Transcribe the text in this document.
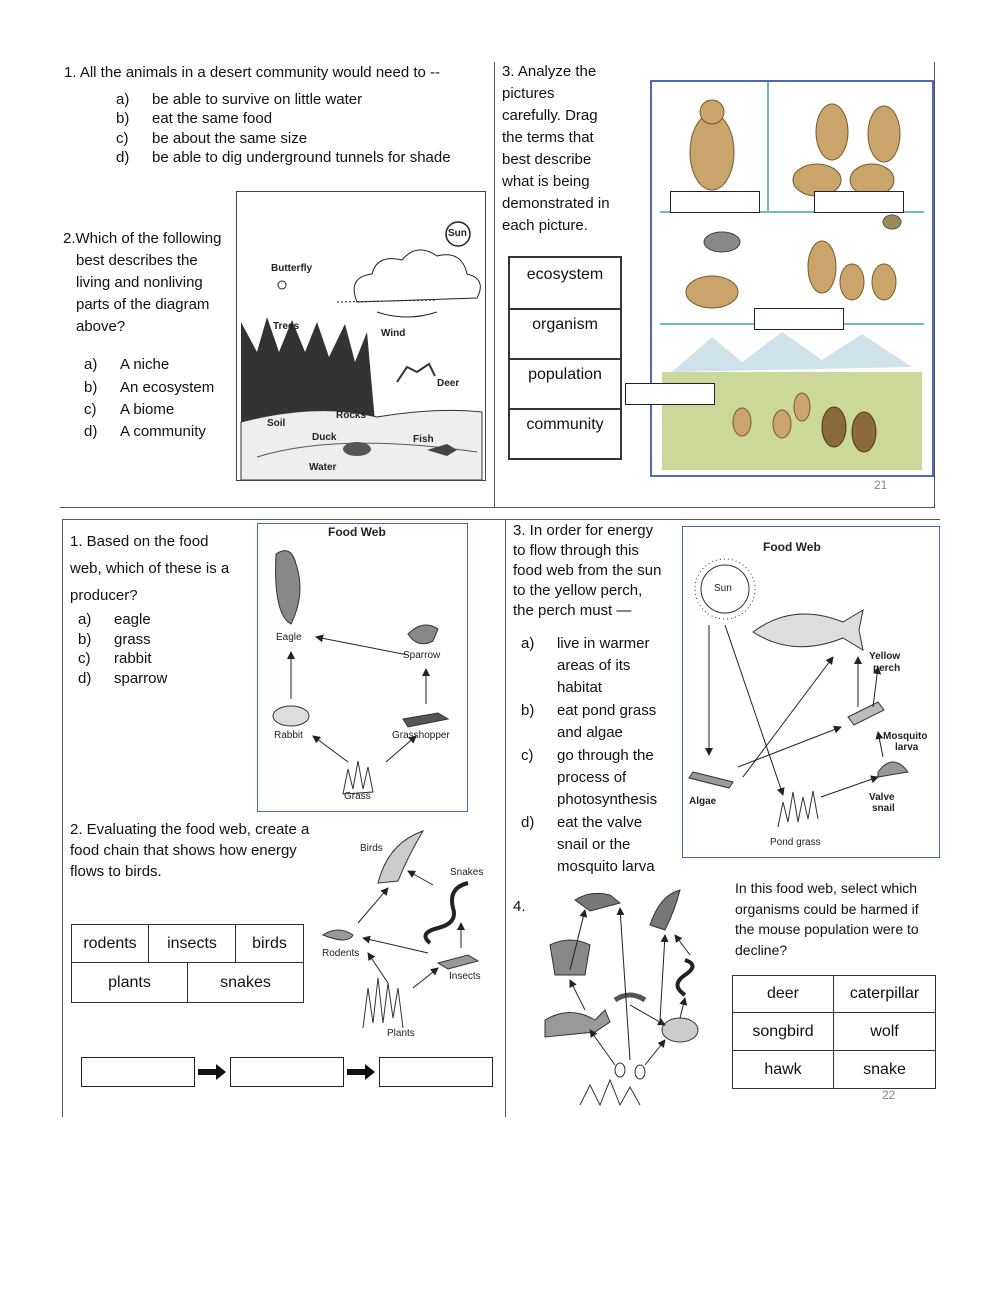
1. All the animals in a desert community would need to --
a) be able to survive on little water
b) eat the same food
c) be about the same size
d) be able to dig underground tunnels for shade
2.Which of the following
best describes the
living and nonliving
parts of the diagram
above?
a) A niche
b) An ecosystem
c) A biome
d) A community
Sun
Butterfly
Trees
Wind
Deer
Soil
Rocks
Duck	Fish
Water
3. Analyze the
pictures
carefully. Drag
the terms that
best describe
what is being
demonstrated in
each picture.
ecosystem
organism
population
community
21
1. Based on the food
web, which of these is a
producer?
a) eagle
b) grass
c) rabbit
d) sparrow
Food Web
Eagle
Sparrow
Rabbit	Grasshopper
Grass
2. Evaluating the food web, create a
food chain that shows how energy
flows to birds.
Birds
Snakes
Rodents
Insects
Plants
rodents	insects	birds
plants	snakes
3. In order for energy
to flow through this
food web from the sun
to the yellow perch,
the perch must —
a) live in warmer
areas of its
habitat
b) eat pond grass
and algae
c) go through the
process of
photosynthesis
d) eat the valve
snail or the
mosquito larva
Food Web
Sun
Yellow
perch
Mosquito
larva
Valve
snail
Algae
Pond grass
4.
In this food web, select which
organisms could be harmed if
the mouse population were to
decline?
deer	caterpillar
songbird	wolf
hawk	snake
22
